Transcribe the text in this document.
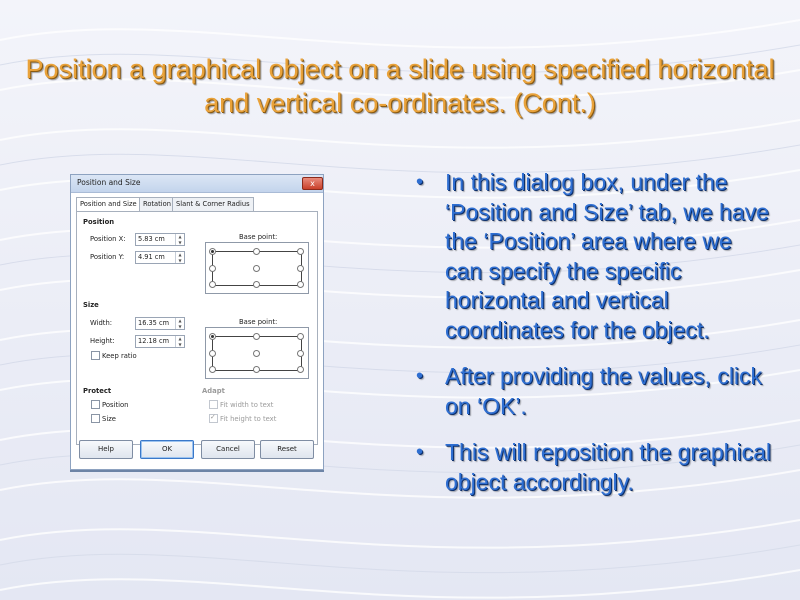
Position a graphical object on a slide using specified horizontal and vertical co-ordinates. (Cont.)
• In this dialog box, under the ‘Position and Size’ tab, we have the ‘Position’ area where we can specify the specific horizontal and vertical coordinates for the object.
• After providing the values, click on ‘OK’.
• This will reposition the graphical object accordingly.
Position and Size	x
Position and Size Rotation Slant & Corner Radius
Position
Position X: 5.83 cm	▲
▼
Position Y: 4.91 cm	▲
▼
Base point:
Size
Width:	16.35 cm	▲
▼
Height:	12.18 cm	▲
▼
Keep ratio
Base point:
Protect
Position
Size
Adapt
Fit width to text
✓
Fit height to text
Help	OK	Cancel	Reset
